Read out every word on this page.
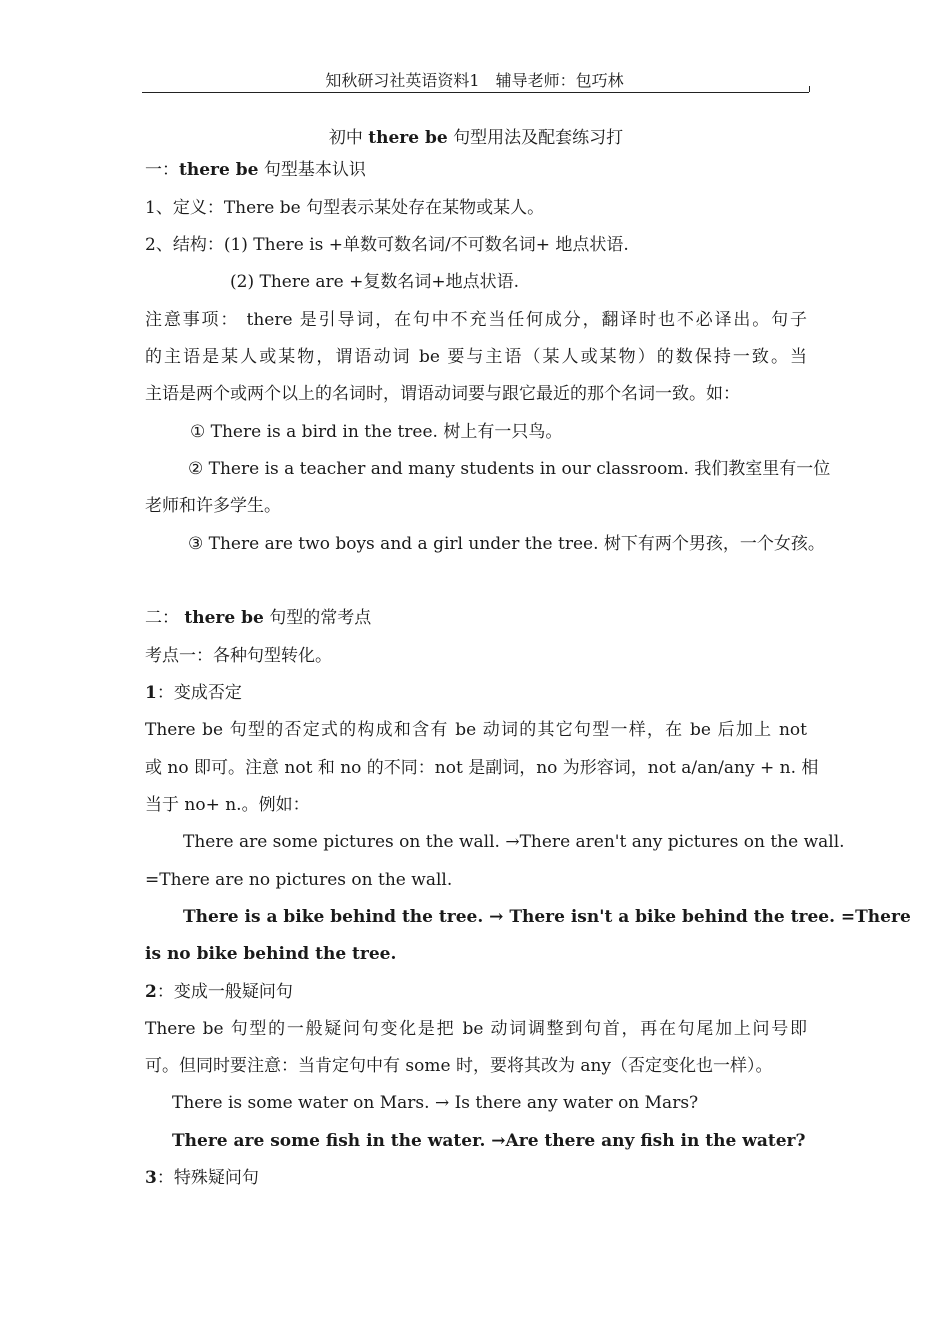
知秋研习社英语资料1　辅导老师：包巧林
初中 there be 句型用法及配套练习打
一：there be 句型基本认识
1、定义：There be 句型表示某处存在某物或某人。
2、结构：(1) There is +单数可数名词/不可数名词+ 地点状语.
(2) There are +复数名词+地点状语.
注意事项： there 是引导词，在句中不充当任何成分，翻译时也不必译出。句子
的主语是某人或某物，谓语动词 be 要与主语（某人或某物）的数保持一致。当
主语是两个或两个以上的名词时，谓语动词要与跟它最近的那个名词一致。如：
① There is a bird in the tree. 树上有一只鸟。
② There is a teacher and many students in our classroom. 我们教室里有一位
老师和许多学生。
③ There are two boys and a girl under the tree. 树下有两个男孩，一个女孩。
二： there be 句型的常考点
考点一：各种句型转化。
1：变成否定
There be 句型的否定式的构成和含有 be 动词的其它句型一样，在 be 后加上 not
或 no 即可。注意 not 和 no 的不同：not 是副词，no 为形容词，not a/an/any + n. 相
当于 no+ n.。例如：
There are some pictures on the wall. →There aren't any pictures on the wall.
=There are no pictures on the wall.
There is a bike behind the tree. → There isn't a bike behind the tree. =There
is no bike behind the tree.
2：变成一般疑问句
There be 句型的一般疑问句变化是把 be 动词调整到句首，再在句尾加上问号即
可。但同时要注意：当肯定句中有 some 时，要将其改为 any（否定变化也一样）。
There is some water on Mars. → Is there any water on Mars?
There are some fish in the water. →Are there any fish in the water?
3：特殊疑问句
